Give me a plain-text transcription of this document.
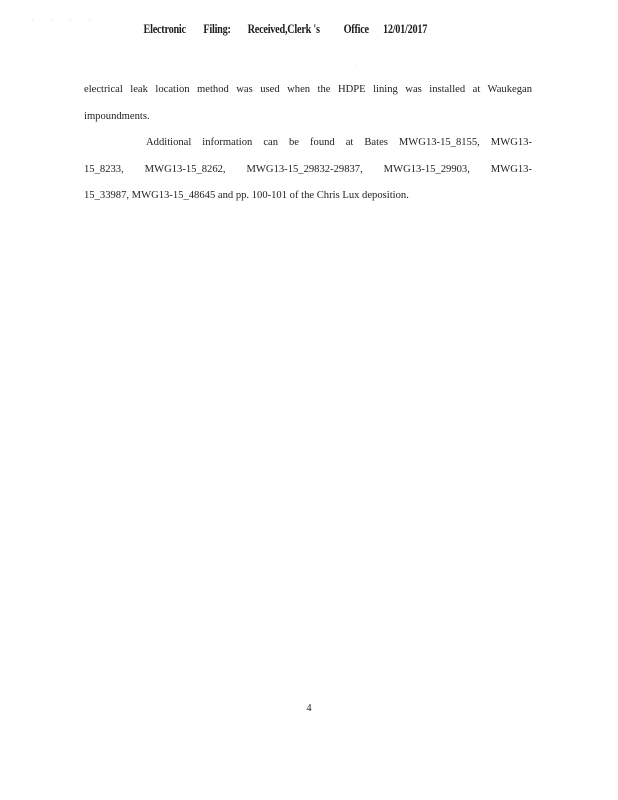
. . . .
.
Electronic Filing: Received,Clerk 's Office 12/01/2017
electrical leak location method was used when the HDPE lining was installed at Waukegan
impoundments.
Additional information can be found at Bates MWG13-15_8155, MWG13-
15_8233, MWG13-15_8262, MWG13-15_29832-29837, MWG13-15_29903, MWG13-
15_33987, MWG13-15_48645 and pp. 100-101 of the Chris Lux deposition.
4
